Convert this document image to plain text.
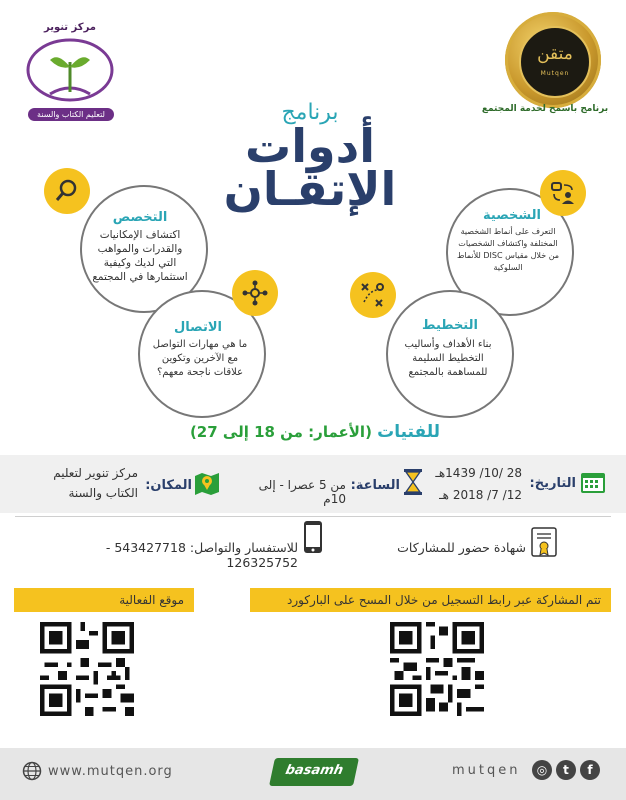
متقن
Mutqen
برنامج باسمح لخدمة المجتمع
مركز تنوير
لتعليم الكتاب والسنة	برنامج
أدوات
الإتقـان
التخصص
اكتشاف الإمكانيات والقدرات والمواهب التي لديك وكيفية استثمارها في المجتمع
الاتصال
ما هي مهارات التواصل مع الآخرين وتكوين علاقات ناجحة معهم؟
الشخصية
التعرف على أنماط الشخصية المختلفة واكتشاف الشخصيات من خلال مقياس DISC للأنماط السلوكية
التخطيط
بناء الأهداف وأساليب التخطيط السليمة للمساهمة بالمجتمع
للفتيات (الأعمار: من 18 إلى 27)
التاريخ:
28 /10/ 1439هـ
12/ 7/ 2018 هـ
الساعة:
من 5 عصرا - إلى 10م
المكان:
مركز تنوير لتعليم
الكتاب والسنة
شهادة حضور للمشاركات
للاستفسار والتواصل: 543427718 - 126325752
تتم المشاركة عبر رابط التسجيل من خلال المسح على الباركورد
موقع الفعالية
www.mutqen.org	basamh	mutqen	◎	t	f
